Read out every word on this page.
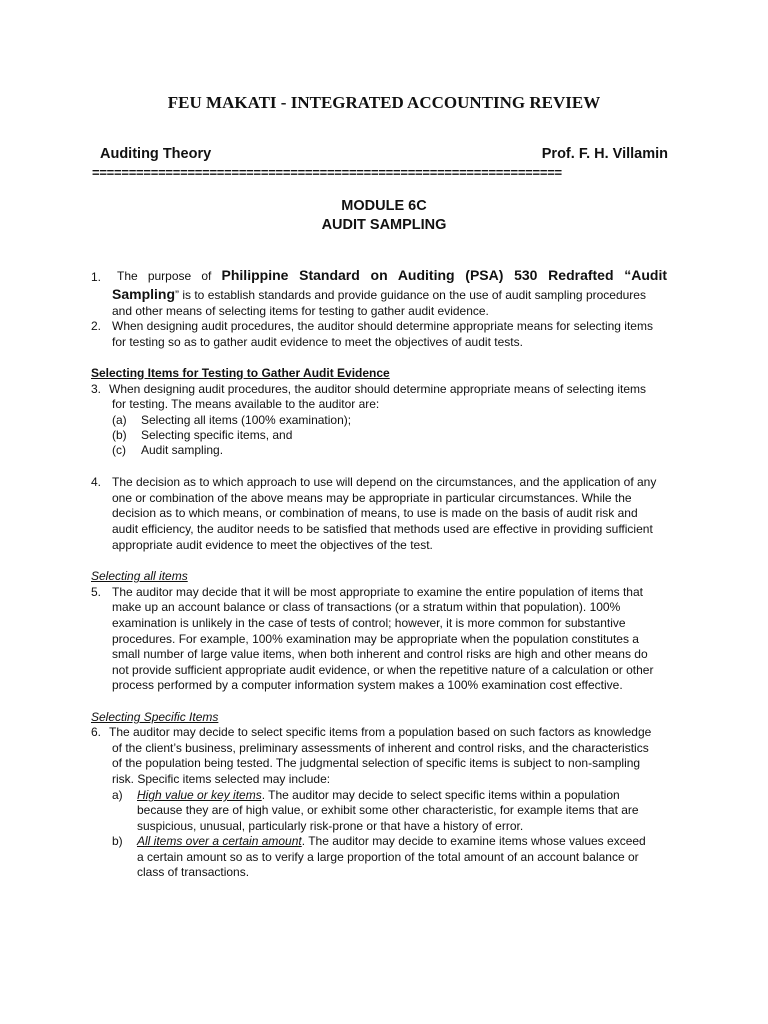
FEU MAKATI - INTEGRATED ACCOUNTING REVIEW
Auditing Theory	Prof. F. H. Villamin
================================================================
MODULE 6C
AUDIT SAMPLING
1. The purpose of Philippine Standard on Auditing (PSA) 530 Redrafted “Audit
Sampling” is to establish standards and provide guidance on the use of audit sampling procedures
and other means of selecting items for testing to gather audit evidence.
2. When designing audit procedures, the auditor should determine appropriate means for selecting items
for testing so as to gather audit evidence to meet the objectives of audit tests.
Selecting Items for Testing to Gather Audit Evidence
3. When designing audit procedures, the auditor should determine appropriate means of selecting items
for testing. The means available to the auditor are:
(a) Selecting all items (100% examination);
(b) Selecting specific items, and
(c) Audit sampling.
4. The decision as to which approach to use will depend on the circumstances, and the application of any
one or combination of the above means may be appropriate in particular circumstances. While the
decision as to which means, or combination of means, to use is made on the basis of audit risk and
audit efficiency, the auditor needs to be satisfied that methods used are effective in providing sufficient
appropriate audit evidence to meet the objectives of the test.
Selecting all items
5. The auditor may decide that it will be most appropriate to examine the entire population of items that
make up an account balance or class of transactions (or a stratum within that population). 100%
examination is unlikely in the case of tests of control; however, it is more common for substantive
procedures. For example, 100% examination may be appropriate when the population constitutes a
small number of large value items, when both inherent and control risks are high and other means do
not provide sufficient appropriate audit evidence, or when the repetitive nature of a calculation or other
process performed by a computer information system makes a 100% examination cost effective.
Selecting Specific Items
6. The auditor may decide to select specific items from a population based on such factors as knowledge
of the client’s business, preliminary assessments of inherent and control risks, and the characteristics
of the population being tested. The judgmental selection of specific items is subject to non-sampling
risk. Specific items selected may include:
a) High value or key items. The auditor may decide to select specific items within a population
because they are of high value, or exhibit some other characteristic, for example items that are
suspicious, unusual, particularly risk-prone or that have a history of error.
b) All items over a certain amount. The auditor may decide to examine items whose values exceed
a certain amount so as to verify a large proportion of the total amount of an account balance or
class of transactions.
